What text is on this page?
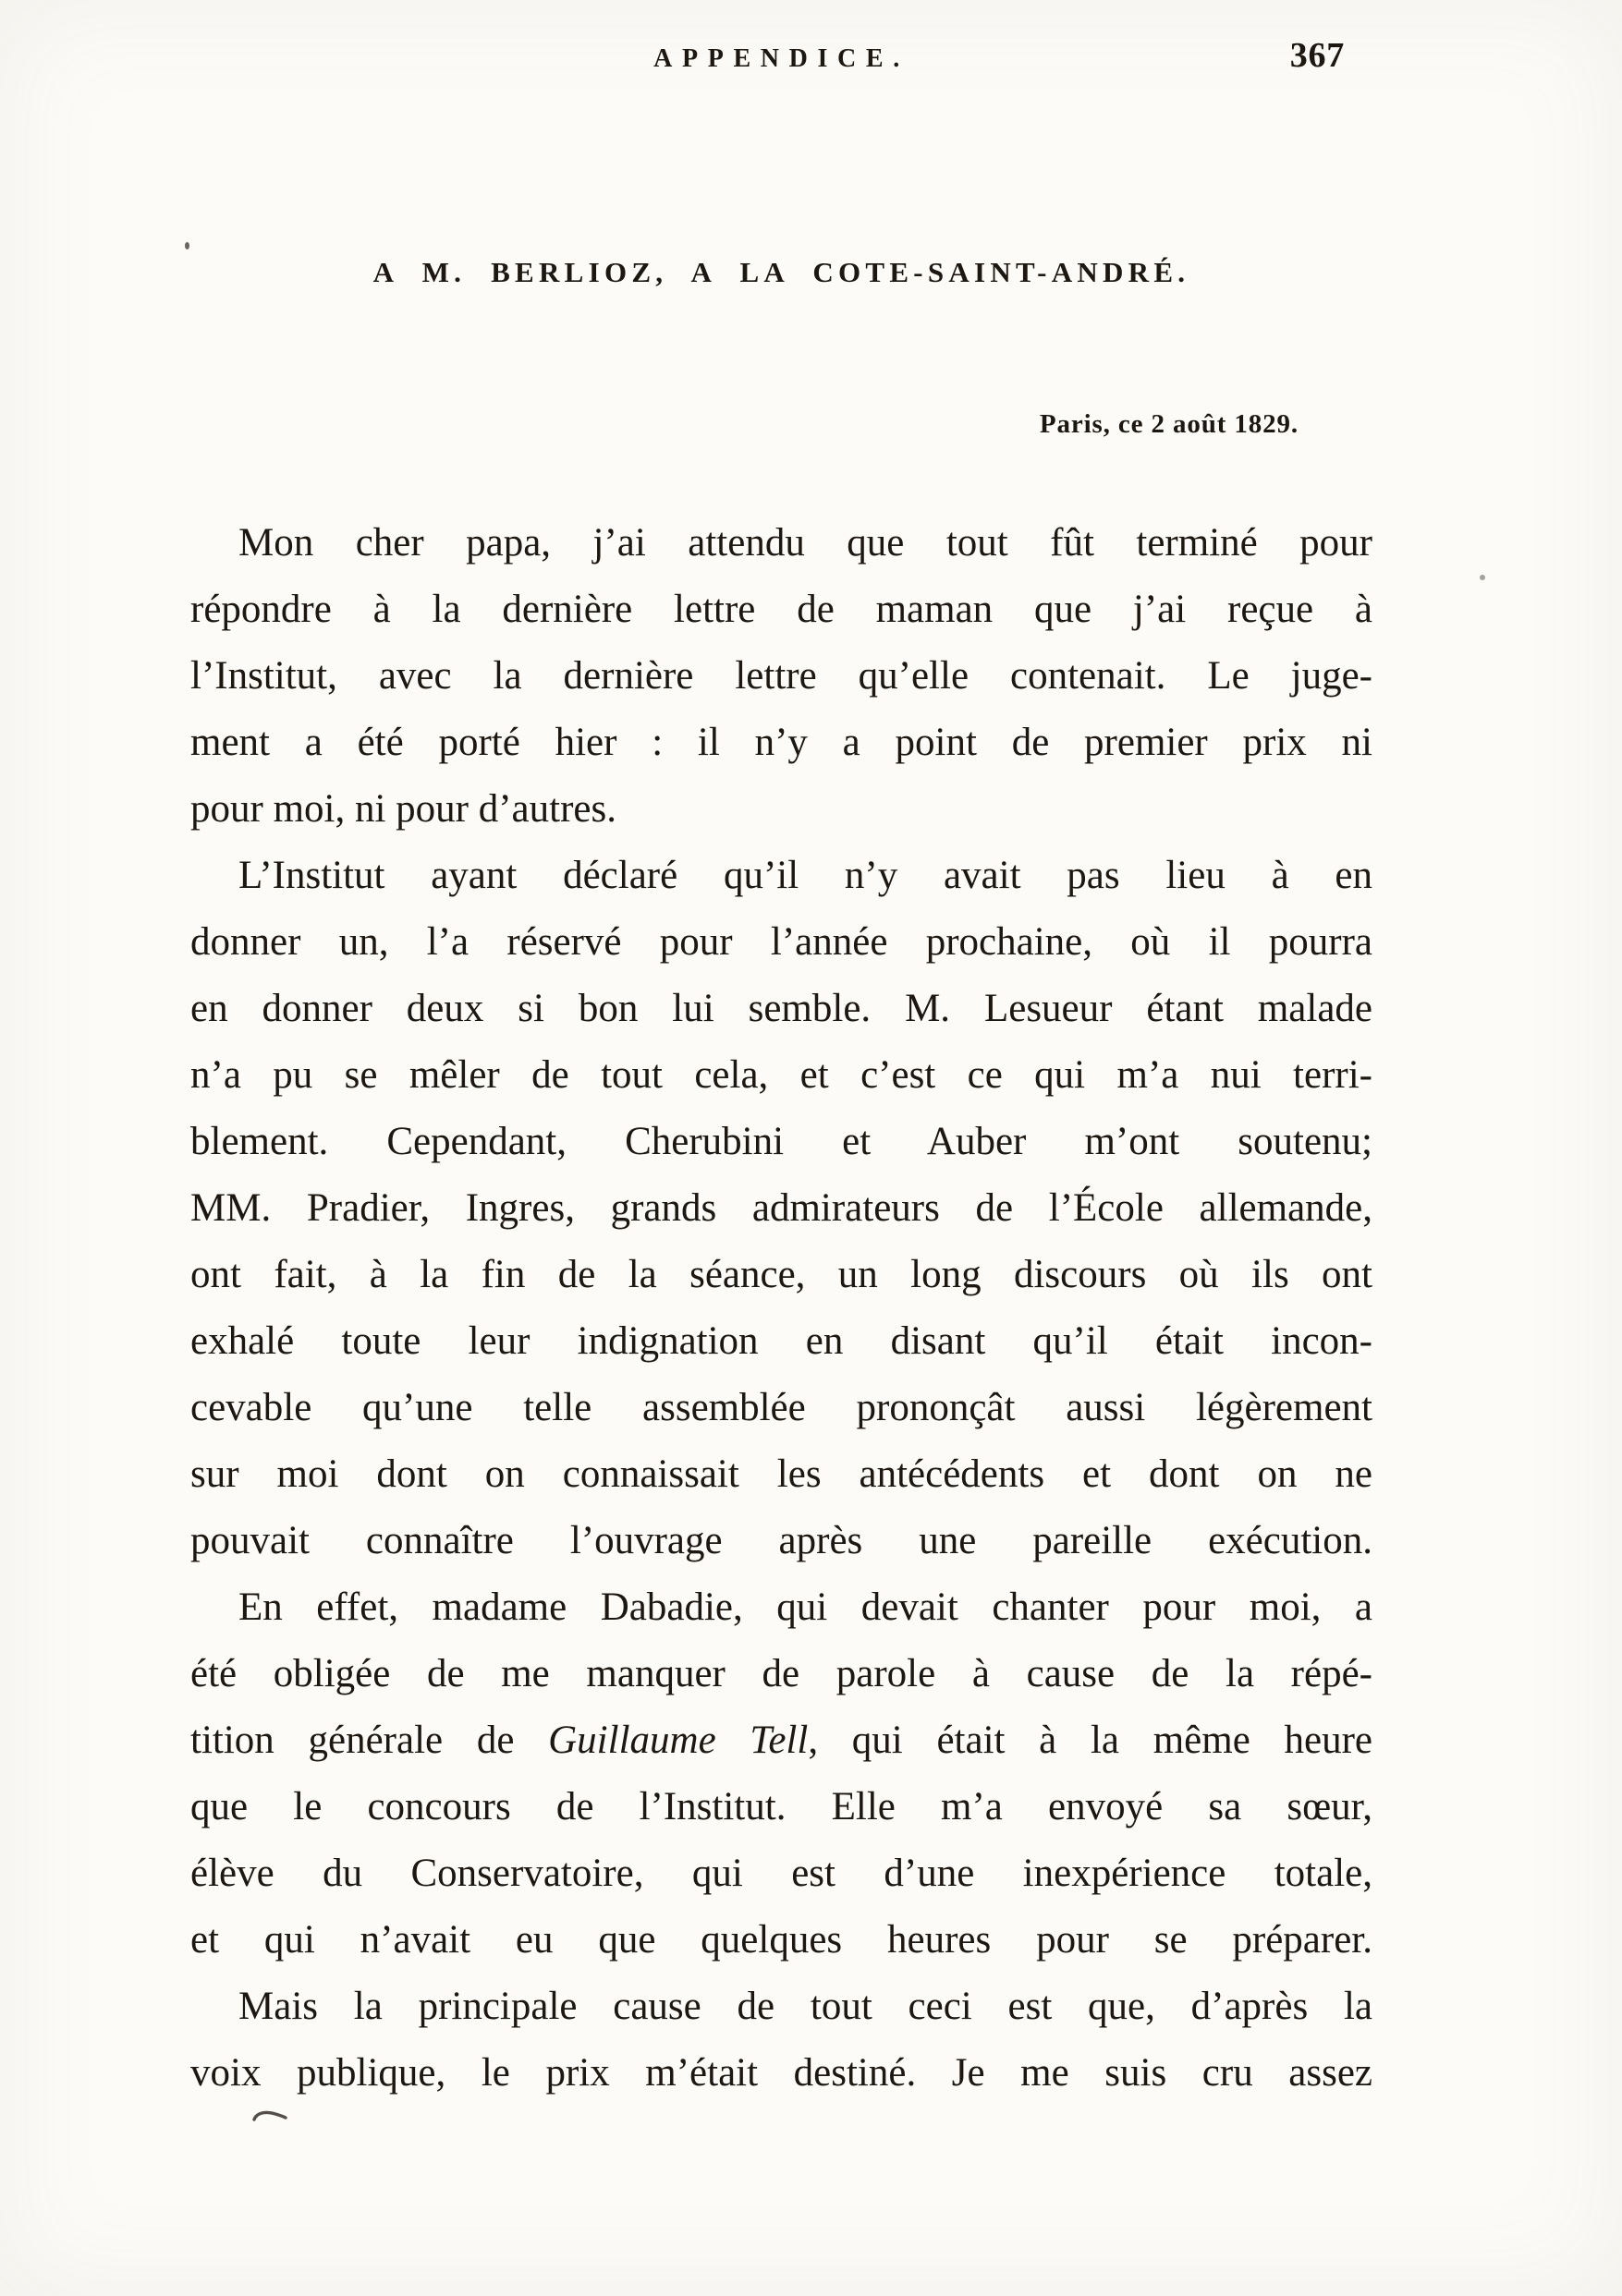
APPENDICE.	367
A M. BERLIOZ, A LA COTE-SAINT-ANDRÉ.
Paris, ce 2 août 1829.

Mon cher papa, j’ai attendu que tout fût terminé pour
répondre à la dernière lettre de maman que j’ai reçue à
l’Institut, avec la dernière lettre qu’elle contenait. Le juge-
ment a été porté hier : il n’y a point de premier prix ni
pour moi, ni pour d’autres.

L’Institut ayant déclaré qu’il n’y avait pas lieu à en
donner un, l’a réservé pour l’année prochaine, où il pourra
en donner deux si bon lui semble. M. Lesueur étant malade
n’a pu se mêler de tout cela, et c’est ce qui m’a nui terri-
blement. Cependant, Cherubini et Auber m’ont soutenu;
MM. Pradier, Ingres, grands admirateurs de l’École allemande,
ont fait, à la fin de la séance, un long discours où ils ont
exhalé toute leur indignation en disant qu’il était incon-
cevable qu’une telle assemblée prononçât aussi légèrement
sur moi dont on connaissait les antécédents et dont on ne
pouvait connaître l’ouvrage après une pareille exécution.

En effet, madame Dabadie, qui devait chanter pour moi, a
été obligée de me manquer de parole à cause de la répé-
tition générale de Guillaume Tell, qui était à la même heure
que le concours de l’Institut. Elle m’a envoyé sa sœur,
élève du Conservatoire, qui est d’une inexpérience totale,
et qui n’avait eu que quelques heures pour se préparer.

Mais la principale cause de tout ceci est que, d’après la
voix publique, le prix m’était destiné. Je me suis cru assez
